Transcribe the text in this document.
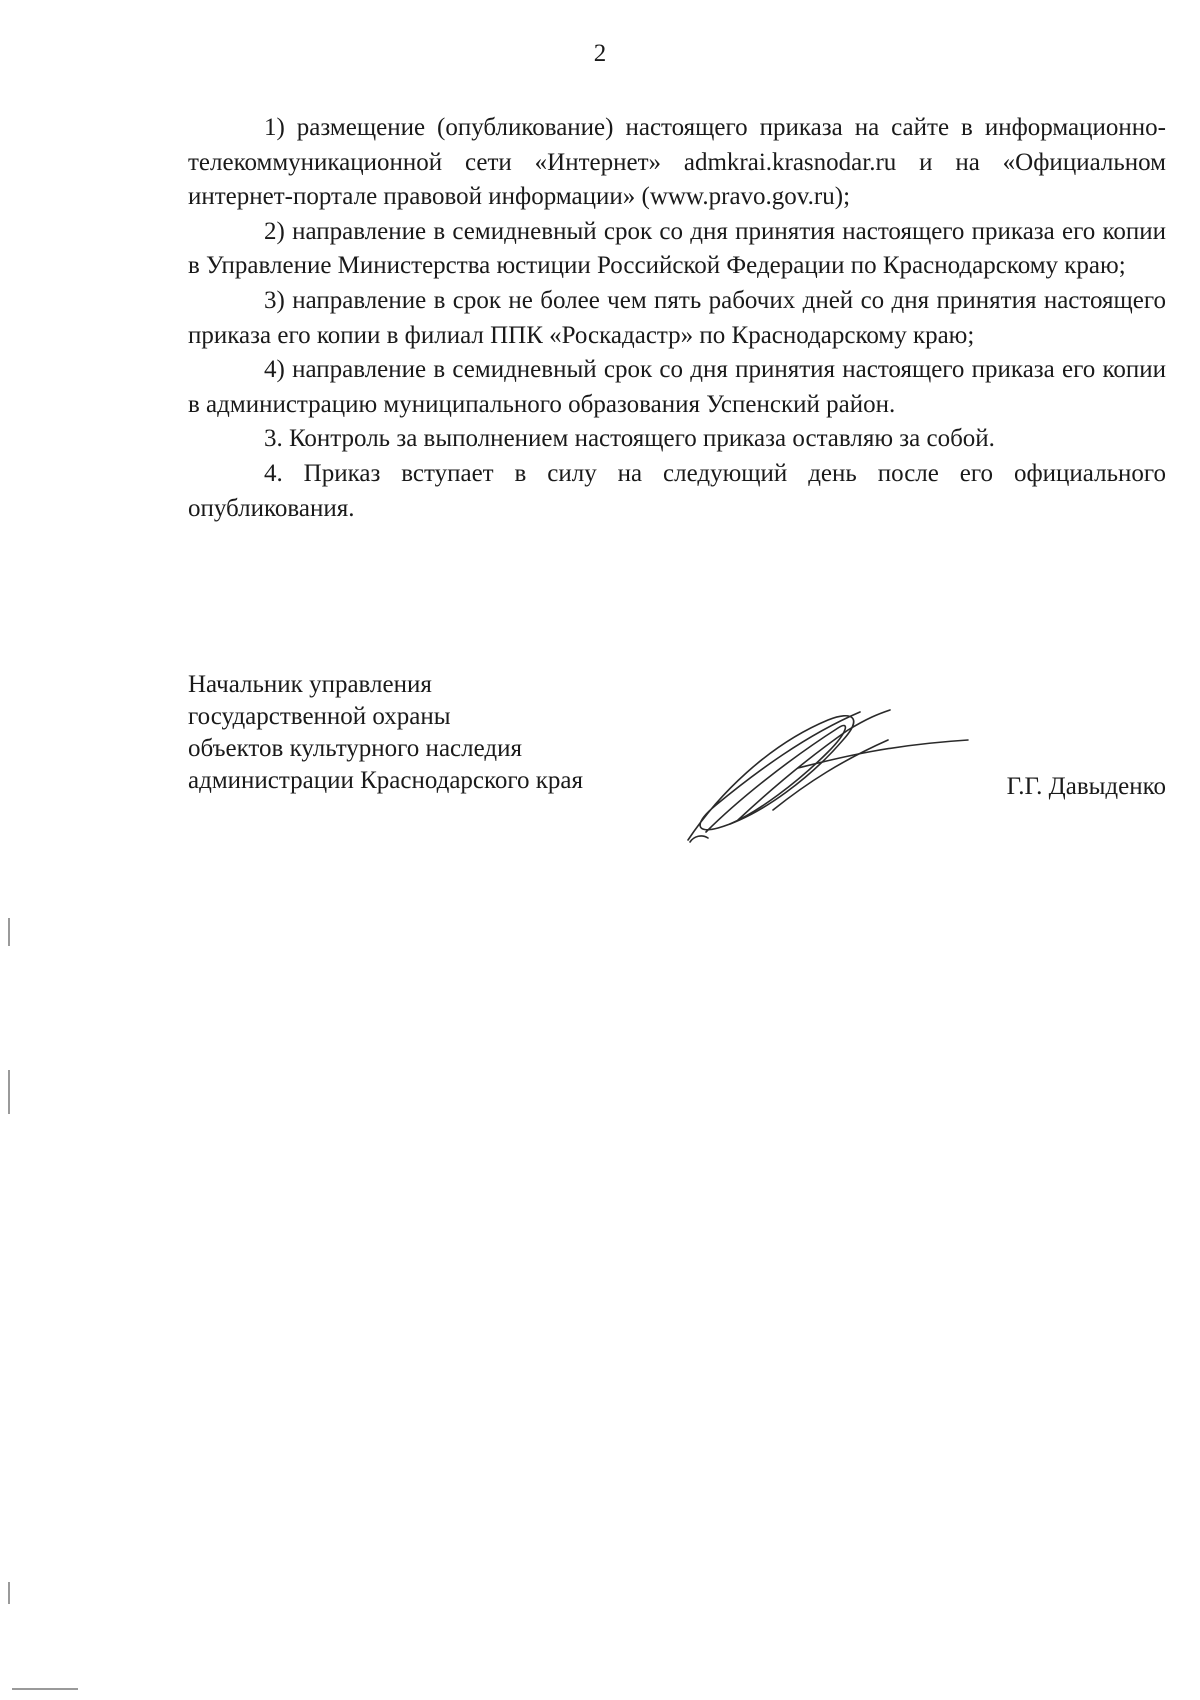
2

1) размещение (опубликование) настоящего приказа на сайте в информационно-телекоммуникационной сети «Интернет» admkrai.krasnodar.ru и на «Официальном интернет-портале правовой информации» (www.pravo.gov.ru);

2) направление в семидневный срок со дня принятия настоящего приказа его копии в Управление Министерства юстиции Российской Федерации по Краснодарскому краю;

3) направление в срок не более чем пять рабочих дней со дня принятия настоящего приказа его копии в филиал ППК «Роскадастр» по Краснодарскому краю;

4) направление в семидневный срок со дня принятия настоящего приказа его копии в администрацию муниципального образования Успенский район.

3. Контроль за выполнением настоящего приказа оставляю за собой.

4. Приказ вступает в силу на следующий день после его официального опубликования.

Начальник управления
государственной охраны
объектов культурного наследия
администрации Краснодарского края	Г.Г. Давыденко
